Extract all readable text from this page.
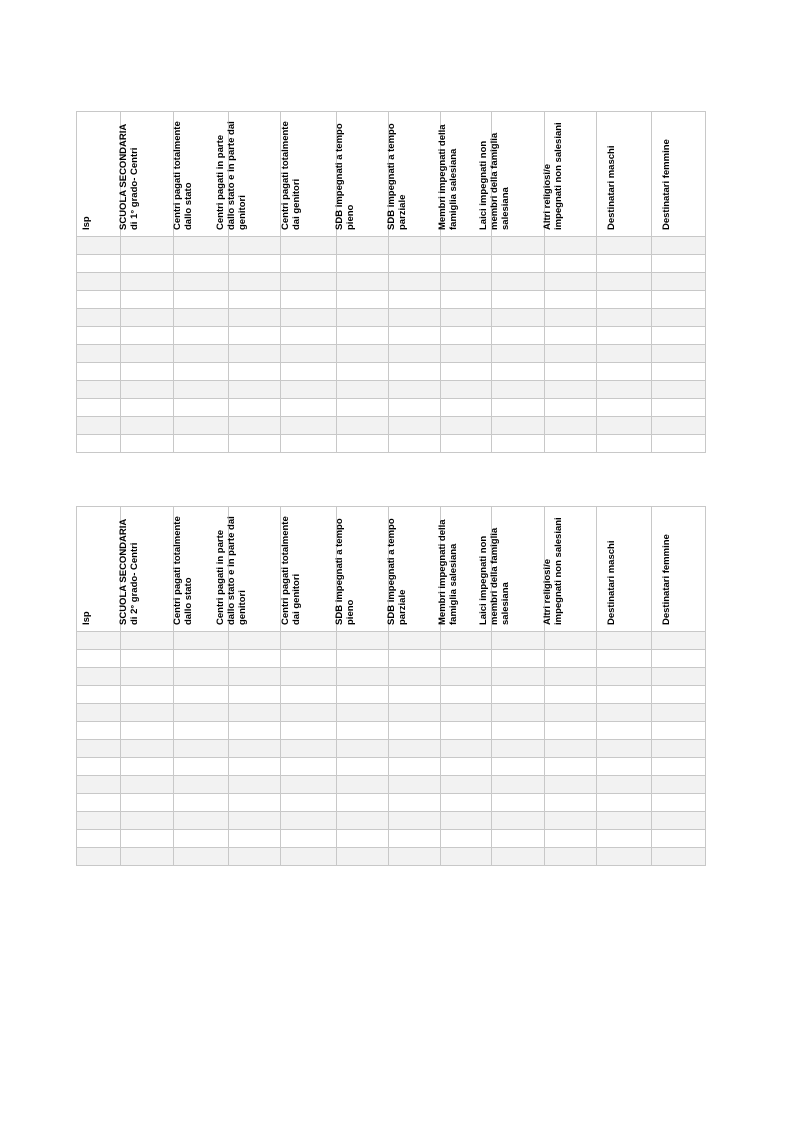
Isp	SCUOLA SECONDARIA di 1° grado- Centri	Centri pagati totalmente dallo stato	Centri pagati in parte dallo stato e in parte dai genitori	Centri pagati totalmente dai genitori	SDB impegnati a tempo pieno	SDB impegnati a tempo parziale	Membri impegnati della famiglia salesiana	Laici impegnati non membri della famiglia salesiana	Altri religiosi/e impegnati non salesiani	Destinatari maschi	Destinatari femmine

Isp	SCUOLA SECONDARIA di 2° grado- Centri	Centri pagati totalmente dallo stato	Centri pagati in parte dallo stato e in parte dai genitori	Centri pagati totalmente dai genitori	SDB impegnati a tempo pieno	SDB impegnati a tempo parziale	Membri impegnati della famiglia salesiana	Laici impegnati non membri della famiglia salesiana	Altri religiosi/e impegnati non salesiani	Destinatari maschi	Destinatari femmine
